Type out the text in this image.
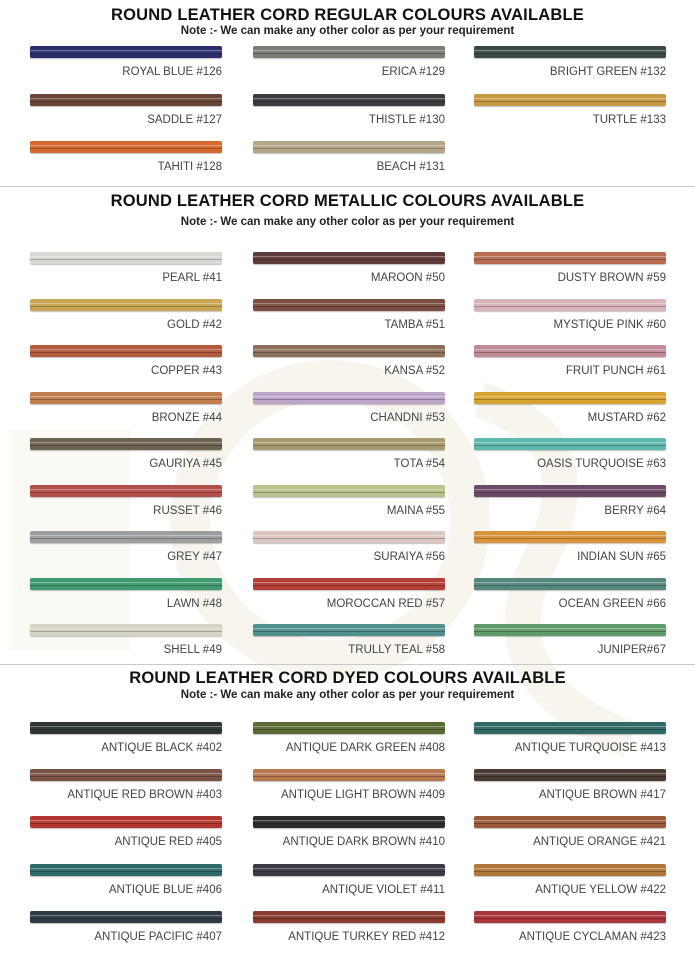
ROUND LEATHER CORD REGULAR COLOURS AVAILABLE
Note :- We can make any other color as per your requirement
ROYAL BLUE #126	ERICA #129	BRIGHT GREEN #132
SADDLE #127	THISTLE #130	TURTLE #133
TAHITI #128	BEACH #131
ROUND LEATHER CORD METALLIC COLOURS AVAILABLE
Note :- We can make any other color as per your requirement
PEARL #41	MAROON #50	DUSTY BROWN #59
GOLD #42	TAMBA #51	MYSTIQUE PINK #60
COPPER #43	KANSA #52	FRUIT PUNCH #61
BRONZE #44	CHANDNI #53	MUSTARD #62
GAURIYA #45	TOTA #54	OASIS TURQUOISE #63
RUSSET #46	MAINA #55	BERRY #64
GREY #47	SURAIYA #56	INDIAN SUN #65
LAWN #48	MOROCCAN RED #57	OCEAN GREEN #66
SHELL #49	TRULLY TEAL #58	JUNIPER#67
ROUND LEATHER CORD DYED COLOURS AVAILABLE
Note :- We can make any other color as per your requirement
ANTIQUE BLACK #402	ANTIQUE DARK GREEN #408	ANTIQUE TURQUOISE #413
ANTIQUE RED BROWN #403	ANTIQUE LIGHT BROWN #409	ANTIQUE BROWN #417
ANTIQUE RED #405	ANTIQUE DARK BROWN #410	ANTIQUE ORANGE #421
ANTIQUE BLUE #406	ANTIQUE VIOLET #411	ANTIQUE YELLOW #422
ANTIQUE PACIFIC #407	ANTIQUE TURKEY RED #412	ANTIQUE CYCLAMAN #423
